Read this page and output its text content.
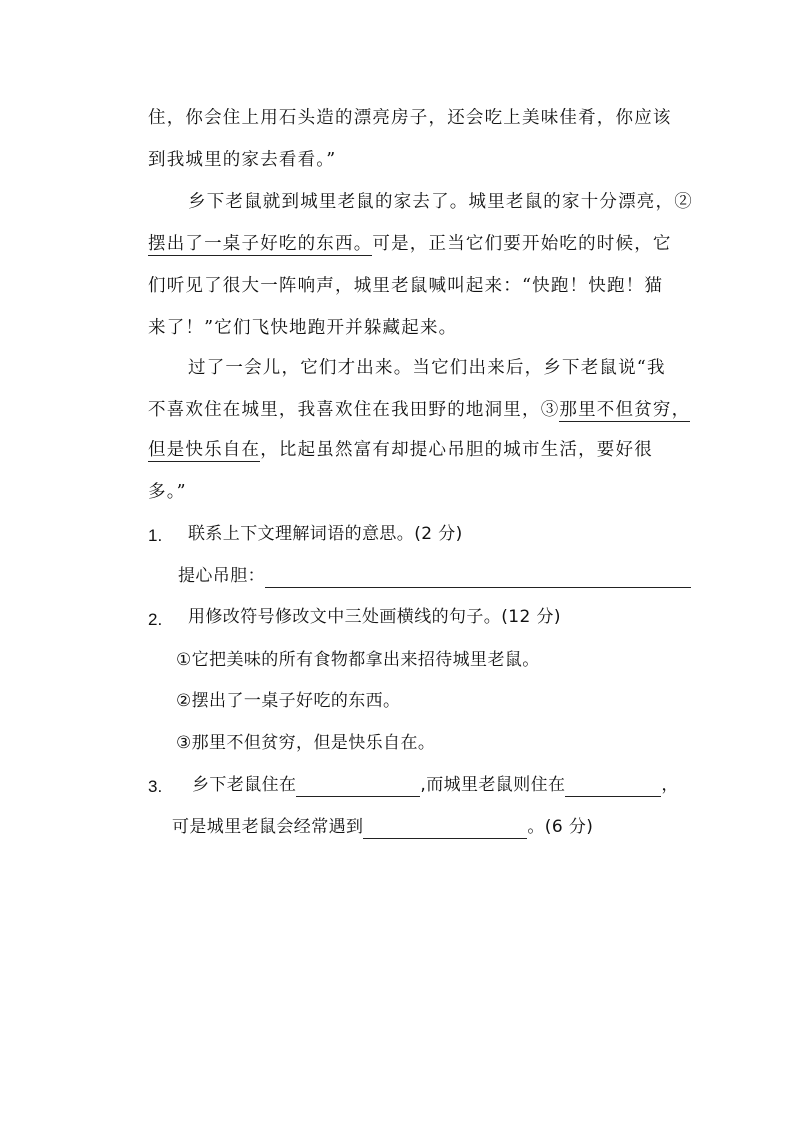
住，你会住上用石头造的漂亮房子，还会吃上美味佳肴，你应该
到我城里的家去看看。”
乡下老鼠就到城里老鼠的家去了。城里老鼠的家十分漂亮，②
摆出了一桌子好吃的东西。可是，正当它们要开始吃的时候，它
们听见了很大一阵响声，城里老鼠喊叫起来：“快跑！快跑！猫
来了！”它们飞快地跑开并躲藏起来。
过了一会儿，它们才出来。当它们出来后，乡下老鼠说“我
不喜欢住在城里，我喜欢住在我田野的地洞里，③那里不但贫穷，
但是快乐自在，比起虽然富有却提心吊胆的城市生活，要好很
多。”
1. 联系上下文理解词语的意思。(2 分)
提心吊胆：
2. 用修改符号修改文中三处画横线的句子。(12 分)
①它把美味的所有食物都拿出来招待城里老鼠。
②摆出了一桌子好吃的东西。
③那里不但贫穷，但是快乐自在。
3. 乡下老鼠住在	,而城里老鼠则住在	，
可是城里老鼠会经常遇到	。(6 分)
